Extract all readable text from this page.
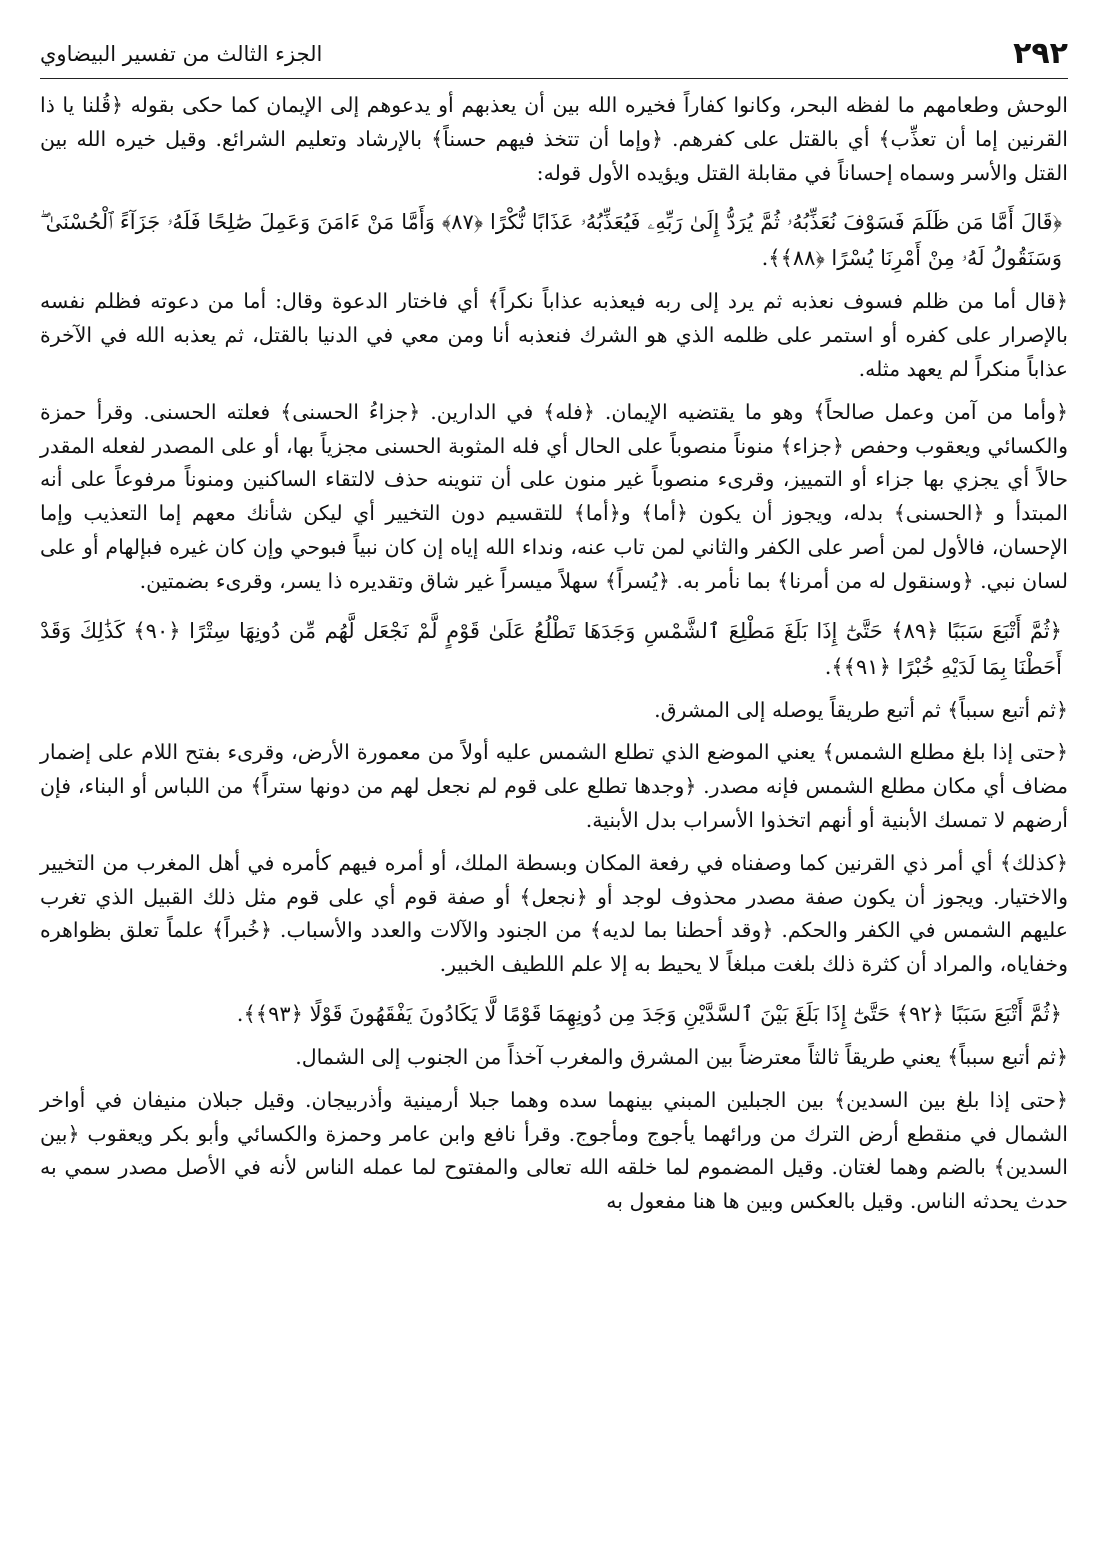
٢٩٢
الجزء الثالث من تفسير البيضاوي

الوحش وطعامهم ما لفظه البحر، وكانوا كفاراً فخيره الله بين أن يعذبهم أو يدعوهم إلى الإيمان كما حكى بقوله ﴿قُلنا يا ذا القرنين إما أن تعذِّب﴾ أي بالقتل على كفرهم. ﴿وإما أن تتخذ فيهم حسناً﴾ بالإرشاد وتعليم الشرائع. وقيل خيره الله بين القتل والأسر وسماه إحساناً في مقابلة القتل ويؤيده الأول قوله:

﴿قَالَ أَمَّا مَن ظَلَمَ فَسَوْفَ نُعَذِّبُهُۥ ثُمَّ يُرَدُّ إِلَىٰ رَبِّهِۦ فَيُعَذِّبُهُۥ عَذَابًا نُّكْرًا ﴿٨٧﴾ وَأَمَّا مَنْ ءَامَنَ وَعَمِلَ صَٰلِحًا فَلَهُۥ جَزَآءً ٱلْحُسْنَىٰ ۖ وَسَنَقُولُ لَهُۥ مِنْ أَمْرِنَا يُسْرًا ﴿٨٨﴾﴾.

﴿قال أما من ظلم فسوف نعذبه ثم يرد إلى ربه فيعذبه عذاباً نكراً﴾ أي فاختار الدعوة وقال: أما من دعوته فظلم نفسه بالإصرار على كفره أو استمر على ظلمه الذي هو الشرك فنعذبه أنا ومن معي في الدنيا بالقتل، ثم يعذبه الله في الآخرة عذاباً منكراً لم يعهد مثله.

﴿وأما من آمن وعمل صالحاً﴾ وهو ما يقتضيه الإيمان. ﴿فله﴾ في الدارين. ﴿جزاءُ الحسنى﴾ فعلته الحسنى. وقرأ حمزة والكسائي ويعقوب وحفص ﴿جزاء﴾ منوناً منصوباً على الحال أي فله المثوبة الحسنى مجزياً بها، أو على المصدر لفعله المقدر حالاً أي يجزي بها جزاء أو التمييز، وقرىء منصوباً غير منون على أن تنوينه حذف لالتقاء الساكنين ومنوناً مرفوعاً على أنه المبتدأ و ﴿الحسنى﴾ بدله، ويجوز أن يكون ﴿أما﴾ و﴿أما﴾ للتقسيم دون التخيير أي ليكن شأنك معهم إما التعذيب وإما الإحسان، فالأول لمن أصر على الكفر والثاني لمن تاب عنه، ونداء الله إياه إن كان نبياً فبوحي وإن كان غيره فبإلهام أو على لسان نبي. ﴿وسنقول له من أمرنا﴾ بما نأمر به. ﴿يُسراً﴾ سهلاً ميسراً غير شاق وتقديره ذا يسر، وقرىء بضمتين.

﴿ثُمَّ أَتْبَعَ سَبَبًا ﴿٨٩﴾ حَتَّىٰٓ إِذَا بَلَغَ مَطْلِعَ ٱلشَّمْسِ وَجَدَهَا تَطْلُعُ عَلَىٰ قَوْمٍ لَّمْ نَجْعَل لَّهُم مِّن دُونِهَا سِتْرًا ﴿٩٠﴾ كَذَٰلِكَ وَقَدْ أَحَطْنَا بِمَا لَدَيْهِ خُبْرًا ﴿٩١﴾﴾.

﴿ثم أتبع سبباً﴾ ثم أتبع طريقاً يوصله إلى المشرق.

﴿حتى إذا بلغ مطلع الشمس﴾ يعني الموضع الذي تطلع الشمس عليه أولاً من معمورة الأرض، وقرىء بفتح اللام على إضمار مضاف أي مكان مطلع الشمس فإنه مصدر. ﴿وجدها تطلع على قوم لم نجعل لهم من دونها ستراً﴾ من اللباس أو البناء، فإن أرضهم لا تمسك الأبنية أو أنهم اتخذوا الأسراب بدل الأبنية.

﴿كذلك﴾ أي أمر ذي القرنين كما وصفناه في رفعة المكان وبسطة الملك، أو أمره فيهم كأمره في أهل المغرب من التخيير والاختيار. ويجوز أن يكون صفة مصدر محذوف لوجد أو ﴿نجعل﴾ أو صفة قوم أي على قوم مثل ذلك القبيل الذي تغرب عليهم الشمس في الكفر والحكم. ﴿وقد أحطنا بما لديه﴾ من الجنود والآلات والعدد والأسباب. ﴿خُبراً﴾ علماً تعلق بظواهره وخفاياه، والمراد أن كثرة ذلك بلغت مبلغاً لا يحيط به إلا علم اللطيف الخبير.

﴿ثُمَّ أَتْبَعَ سَبَبًا ﴿٩٢﴾ حَتَّىٰٓ إِذَا بَلَغَ بَيْنَ ٱلسَّدَّيْنِ وَجَدَ مِن دُونِهِمَا قَوْمًا لَّا يَكَادُونَ يَفْقَهُونَ قَوْلًا ﴿٩٣﴾﴾.

﴿ثم أتبع سبباً﴾ يعني طريقاً ثالثاً معترضاً بين المشرق والمغرب آخذاً من الجنوب إلى الشمال.

﴿حتى إذا بلغ بين السدين﴾ بين الجبلين المبني بينهما سده وهما جبلا أرمينية وأذربيجان. وقيل جبلان منيفان في أواخر الشمال في منقطع أرض الترك من ورائهما يأجوج ومأجوج. وقرأ نافع وابن عامر وحمزة والكسائي وأبو بكر ويعقوب ﴿بين السدين﴾ بالضم وهما لغتان. وقيل المضموم لما خلقه الله تعالى والمفتوح لما عمله الناس لأنه في الأصل مصدر سمي به حدث يحدثه الناس. وقيل بالعكس وبين ها هنا مفعول به
